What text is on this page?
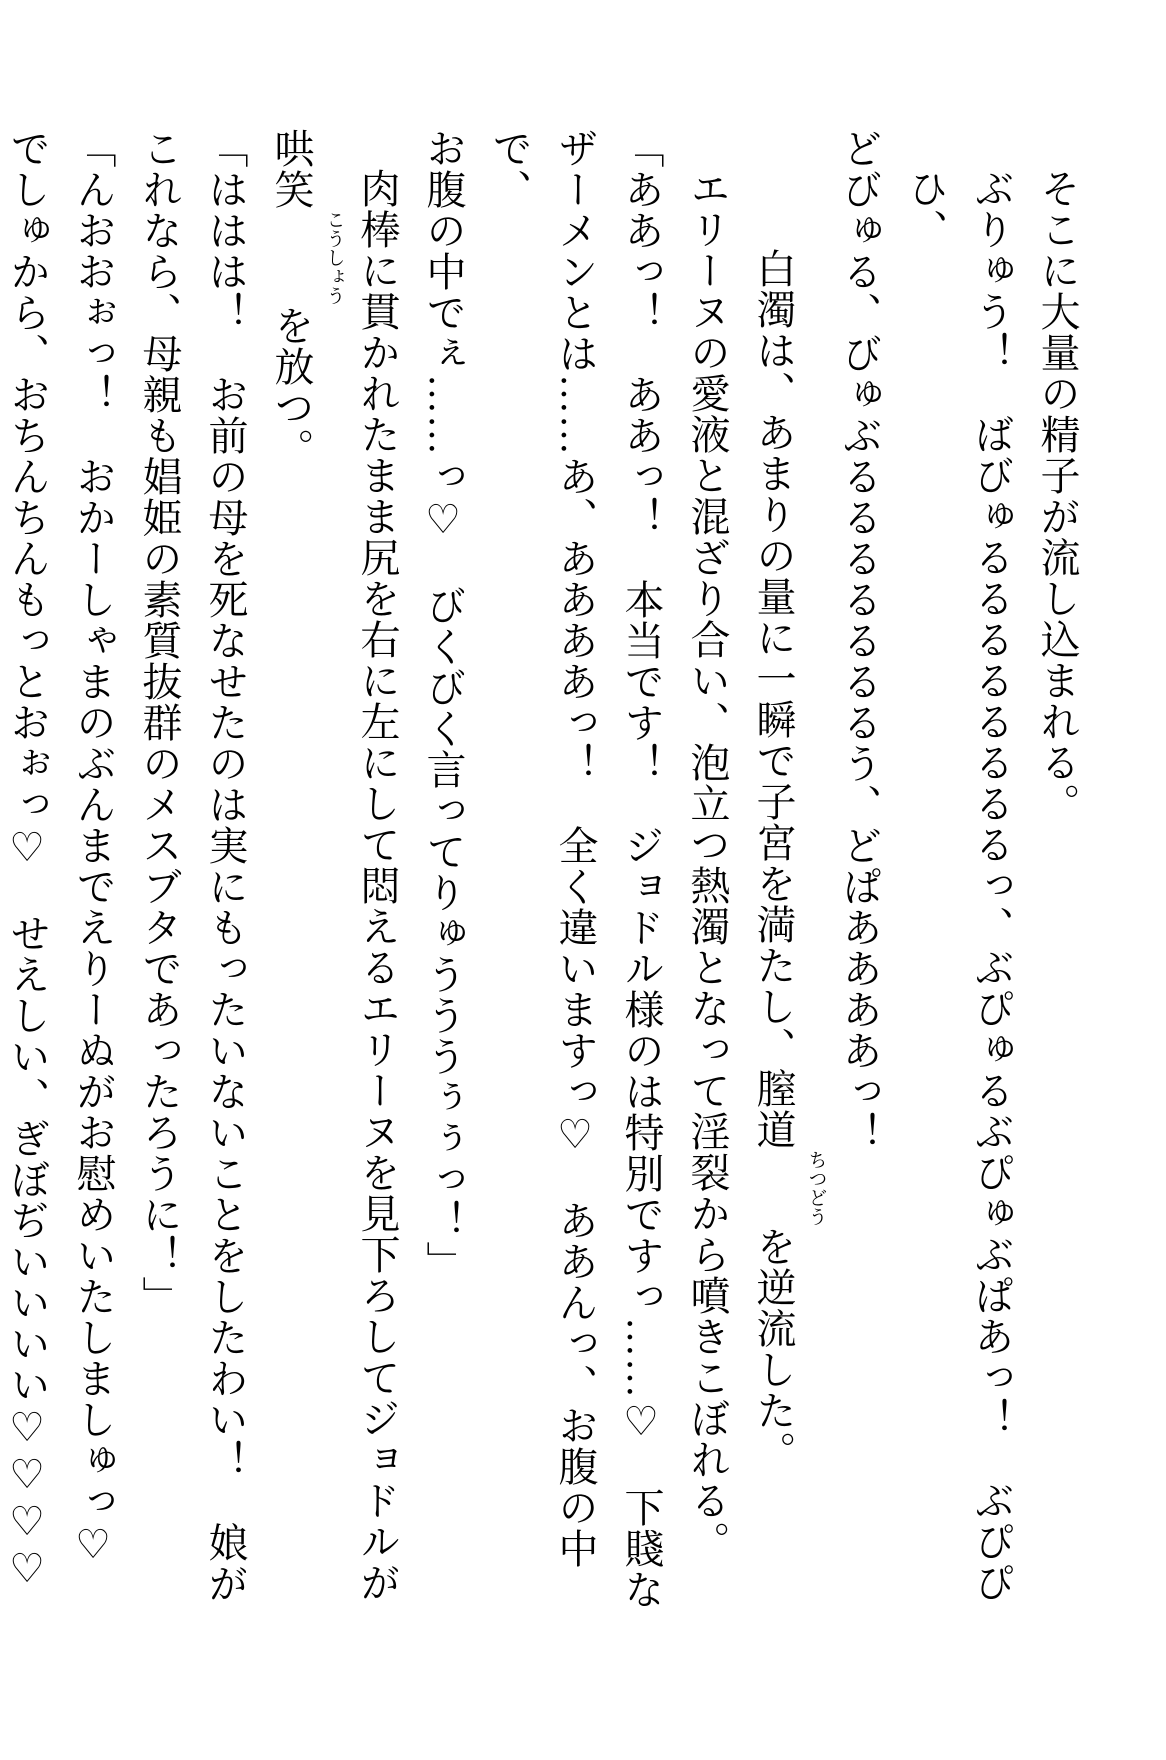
そこに大量の精子が流し込まれる。
ぶりゅう！　ばびゅるるるるるるるるっ、ぶぴゅるぶぴゅぶぱあっ！　ぶぴぴひ、
どびゅる、びゅぶるるるるるるるう、どぱああああっ！
白濁は、あまりの量に一瞬で子宮を満たし、膣道ちつどうを逆流した。
エリーヌの愛液と混ざり合い、泡立つ熱濁となって淫裂から噴きこぼれる。
「ああっ！　ああっ！　本当です！　ジョドル様のは特別ですっ……♡　下賤な
ザーメンとは……あ、ああああっ！　全く違いますっ♡　ああんっ、お腹の中で、
お腹の中でぇ……っ♡　びくびく言ってりゅうううぅぅっ！」
肉棒に貫かれたまま尻を右に左にして悶えるエリーヌを見下ろしてジョドルが
哄笑こうしょうを放つ。
「ははは！　お前の母を死なせたのは実にもったいないことをしたわい！　娘が
これなら、母親も娼姫の素質抜群のメスブタであったろうに！」
「んおおぉっ！　おかーしゃまのぶんまでえりーぬがお慰めいたしましゅっ♡
でしゅから、おちんちんもっとおぉっ♡　せえしい、ぎぼぢいいいい♡♡♡♡
